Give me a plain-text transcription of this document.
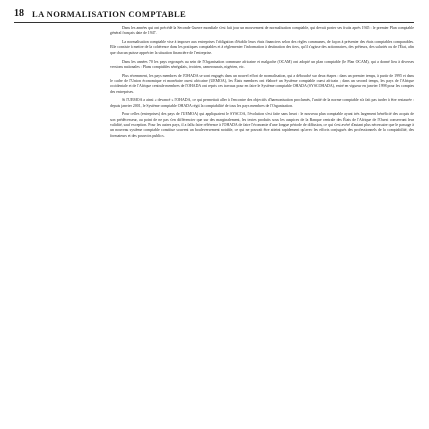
18 LA NORMALISATION COMPTABLE

Dans les années qui ont précédé la Seconde Guerre mondiale s'est fait jour un mouvement de normalisation comptable, qui devait porter ses fruits après 1945 : le premier Plan comptable général français date de 1947.

La normalisation comptable vise à imposer aux entreprises l'obligation d'établir leurs états financiers selon des règles communes, de façon à présenter des états comptables comparables. Elle consiste à mettre de la cohérence dans les pratiques comptables et à réglementer l'information à destination des tiers, qu'il s'agisse des actionnaires, des prêteurs, des salariés ou de l'État, afin que chacun puisse apprécier la situation financière de l'entreprise.

Dans les années 70 les pays regroupés au sein de l'Organisation commune africaine et malgache (OCAM) ont adopté un plan comptable (le Plan OCAM), qui a donné lieu à diverses versions nationales : Plans comptables sénégalais, ivoirien, camerounais, nigérien, etc.

Plus récemment, les pays membres de l'OHADA se sont engagés dans un nouvel effort de normalisation, qui a débouché sur deux étapes : dans un premier temps, à partir de 1995 et dans le cadre de l'Union économique et monétaire ouest africaine (UEMOA), les États membres ont élaboré un Système comptable ouest africain ; dans un second temps, les pays de l'Afrique occidentale et de l'Afrique centrale membres de l'OHADA ont repris ces travaux pour en faire le Système comptable OHADA (SYSCOHADA), entré en vigueur en janvier 1998 pour les comptes des entreprises.

Si l'UEMOA a ainsi « devancé » l'OHADA, ce qui permettait aller à l'encontre des objectifs d'harmonisation proclamés, l'unité de la norme comptable n'a fait pas tarder à être restaurée : depuis janvier 2001, le Système comptable OHADA régit la comptabilité de tous les pays membres de l'Organisation.

Pour celles (entreprises) des pays de l'UEMOA) qui appliquaient le SYSCOA, l'évolution s'est faite sans heurt : le nouveau plan comptable ayant très largement bénéficié des acquis de son prédécesseur, au point de ne pas s'en différencier que sur des marginalement, les textes produits sous les auspices de la Banque centrale des États de l'Afrique de l'Ouest conservant leur validité, sauf exception. Pour les autres pays, il a fallu faire référence à l'OHADA de faire l'économie d'une longue période de diffusion, ce qui s'est avéré d'autant plus nécessaire que le passage à un nouveau système comptable constitue souvent un bouleversement notable, ce qui ne pouvait être atteint rapidement qu'avec les efforts conjugués des professionnels de la comptabilité, des formateurs et des pouvoirs publics.
